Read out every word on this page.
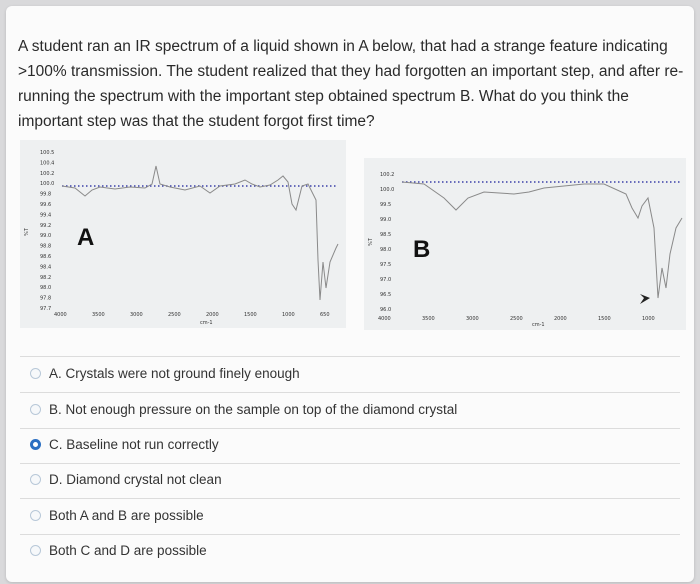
A student ran an IR spectrum of a liquid shown in A below, that had a strange feature indicating
>100% transmission. The student realized that they had forgotten an important step, and after re-
running the spectrum with the important step obtained spectrum B. What do you think the
important step was that the student forgot first time?
100.5
100.4
100.2
100.0
99.8
99.6
99.4
99.2
99.0
98.8
98.6
98.4
98.2
98.0
97.8
97.7
4000	3500	3000	2500	2000	1500	1000	650
%T
cm-1
A
100.2
100.0
99.5
99.0
98.5
98.0
97.5
97.0
96.5
96.0
4000	3500	3000	2500	2000	1500	1000
%T
cm-1
B
A. Crystals were not ground finely enough
B. Not enough pressure on the sample on top of the diamond crystal
C. Baseline not run correctly
D. Diamond crystal not clean
Both A and B are possible
Both C and D are possible
